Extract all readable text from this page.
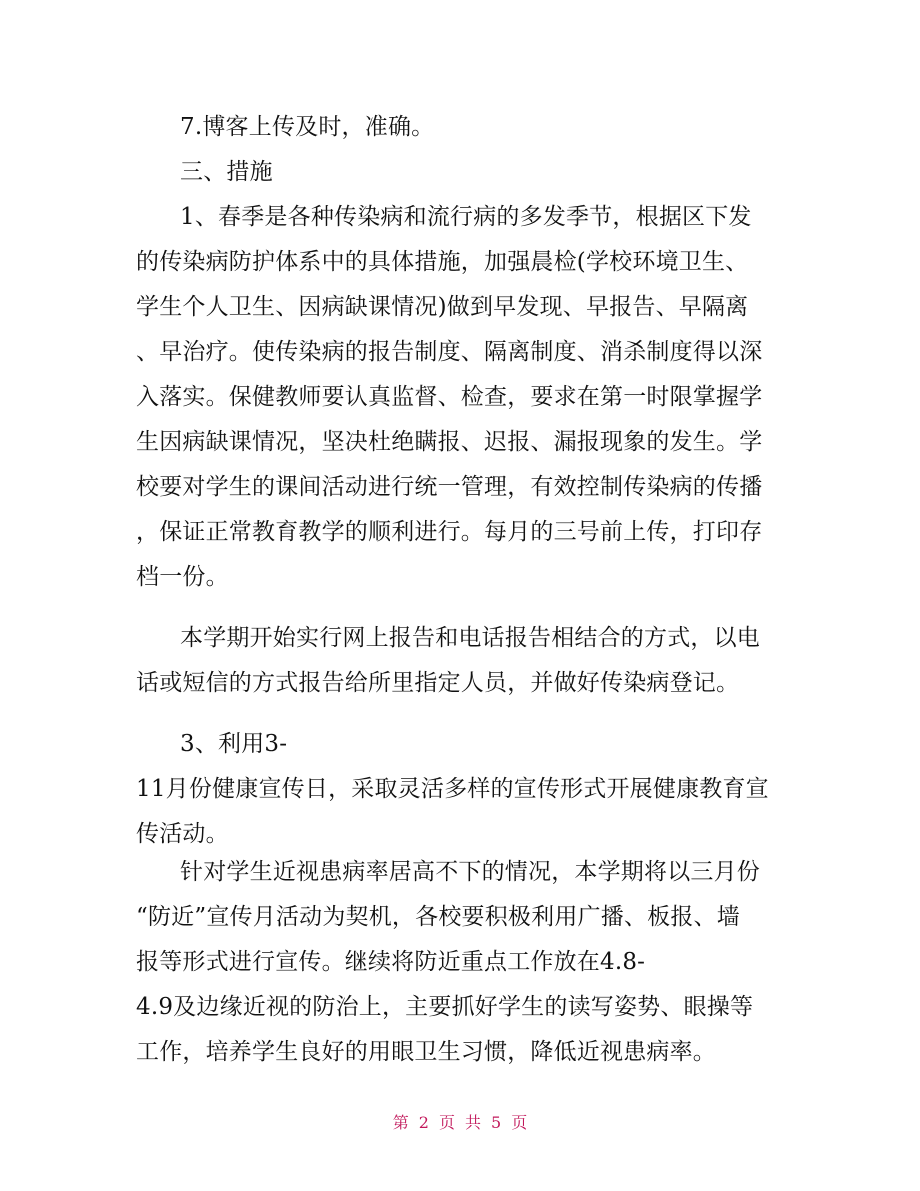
7.博客上传及时，准确。
三、措施
1、春季是各种传染病和流行病的多发季节，根据区下发
的传染病防护体系中的具体措施，加强晨检(学校环境卫生、
学生个人卫生、因病缺课情况)做到早发现、早报告、早隔离
、早治疗。使传染病的报告制度、隔离制度、消杀制度得以深
入落实。保健教师要认真监督、检查，要求在第一时限掌握学
生因病缺课情况，坚决杜绝瞒报、迟报、漏报现象的发生。学
校要对学生的课间活动进行统一管理，有效控制传染病的传播
，保证正常教育教学的顺利进行。每月的三号前上传，打印存
档一份。
本学期开始实行网上报告和电话报告相结合的方式，以电
话或短信的方式报告给所里指定人员，并做好传染病登记。
3、利用3-
11月份健康宣传日，采取灵活多样的宣传形式开展健康教育宣
传活动。
针对学生近视患病率居高不下的情况，本学期将以三月份
“防近”宣传月活动为契机，各校要积极利用广播、板报、墙
报等形式进行宣传。继续将防近重点工作放在4.8-
4.9及边缘近视的防治上，主要抓好学生的读写姿势、眼操等
工作，培养学生良好的用眼卫生习惯，降低近视患病率。
第 2 页 共 5 页
